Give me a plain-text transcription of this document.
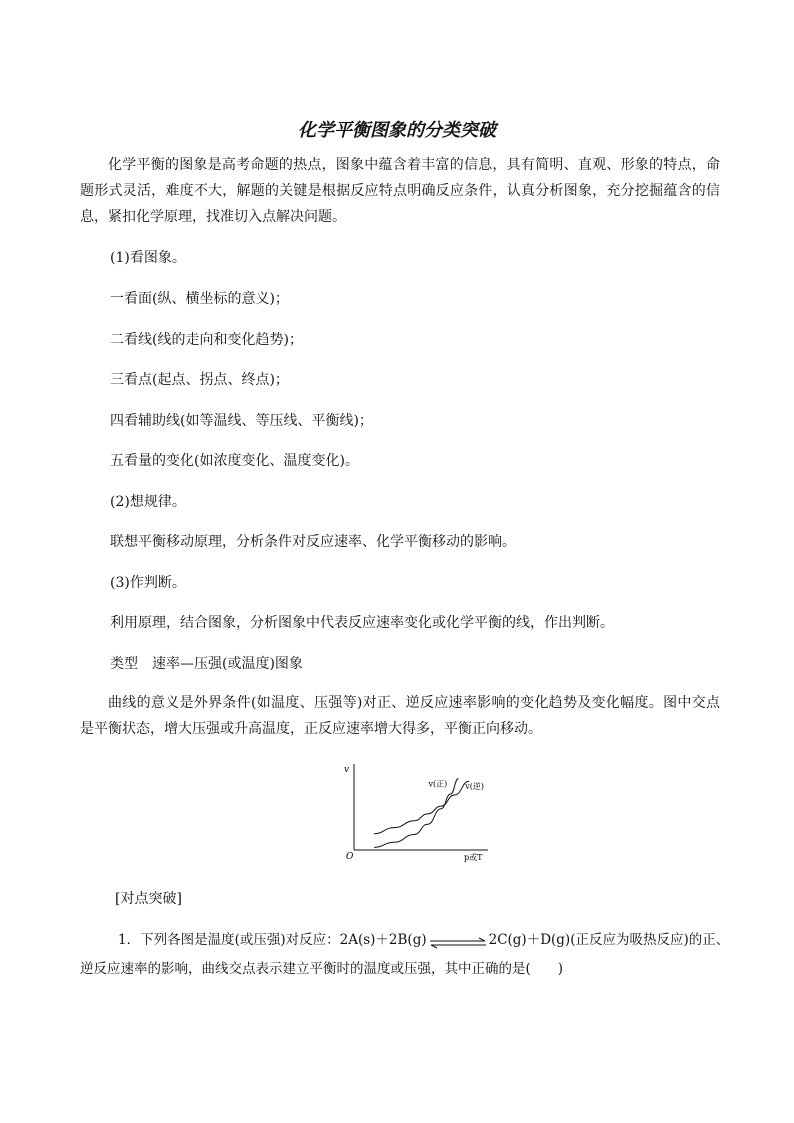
化学平衡图象的分类突破
化学平衡的图象是高考命题的热点，图象中蕴含着丰富的信息，具有简明、直观、形象的特点，命题形式灵活，难度不大，解题的关键是根据反应特点明确反应条件，认真分析图象，充分挖掘蕴含的信息，紧扣化学原理，找准切入点解决问题。
(1)看图象。
一看面(纵、横坐标的意义)；
二看线(线的走向和变化趋势)；
三看点(起点、拐点、终点)；
四看辅助线(如等温线、等压线、平衡线)；
五看量的变化(如浓度变化、温度变化)。
(2)想规律。
联想平衡移动原理，分析条件对反应速率、化学平衡移动的影响。
(3)作判断。
利用原理，结合图象，分析图象中代表反应速率变化或化学平衡的线，作出判断。
类型　速率—压强(或温度)图象
曲线的意义是外界条件(如温度、压强等)对正、逆反应速率影响的变化趋势及变化幅度。图中交点是平衡状态，增大压强或升高温度，正反应速率增大得多，平衡正向移动。
v
p或T
O
v(正) v(逆)
[对点突破]
1．下列各图是温度(或压强)对反应：2A(s)＋2B(g)	2C(g)＋D(g)(正反应为吸热反应)的正、
逆反应速率的影响，曲线交点表示建立平衡时的温度或压强，其中正确的是(　　)
